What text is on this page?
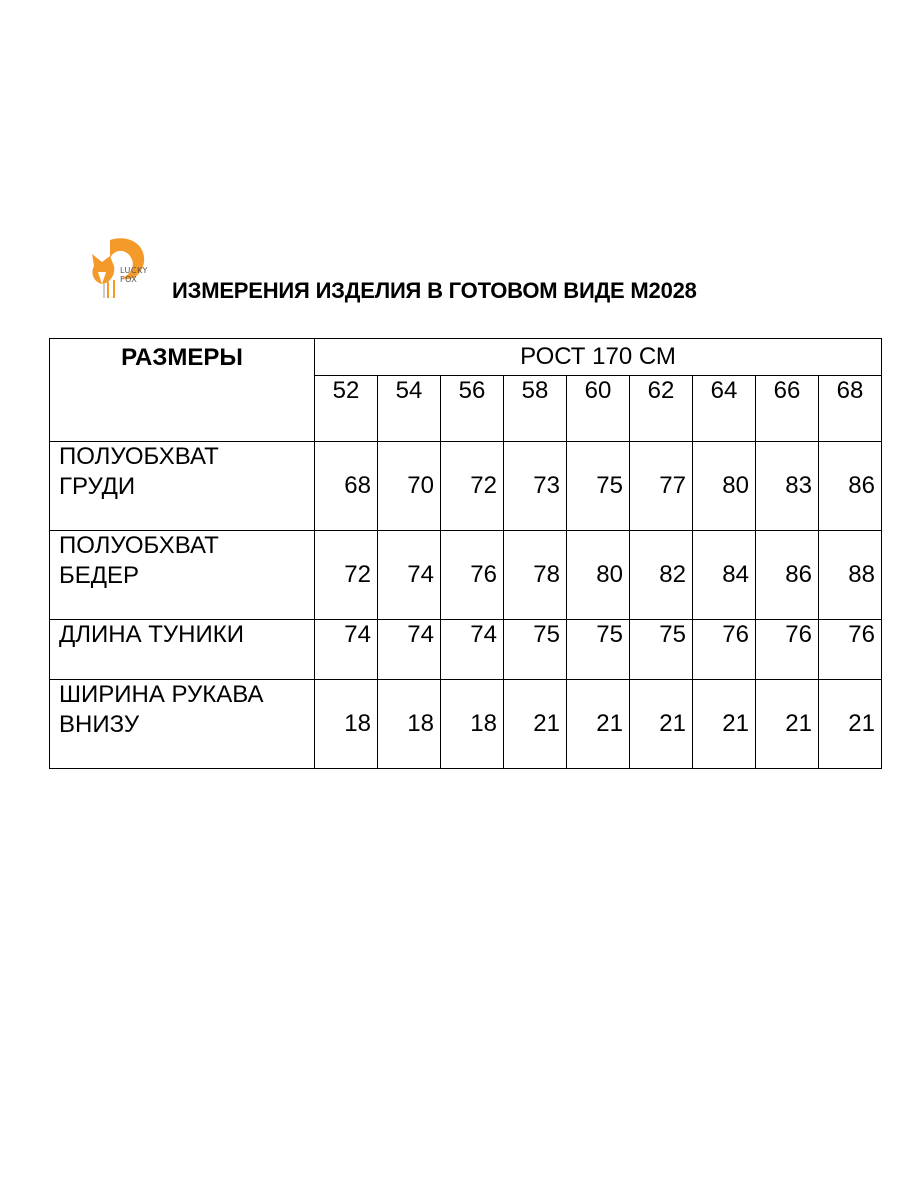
LUCKY
FOX	ИЗМЕРЕНИЯ ИЗДЕЛИЯ В ГОТОВОМ ВИДЕ М2028
РАЗМЕРЫ	РОСТ 170 СМ								
	52	54	56	58	60	62	64	66	68

ПОЛУОБХВАТ
ГРУДИ	68	70	72	73	75	77	80	83	86

ПОЛУОБХВАТ
БЕДЕР	72	74	76	78	80	82	84	86	88

ДЛИНА ТУНИКИ	74	74	74	75	75	75	76	76	76

ШИРИНА РУКАВА
ВНИЗУ	18	18	18	21	21	21	21	21	21
